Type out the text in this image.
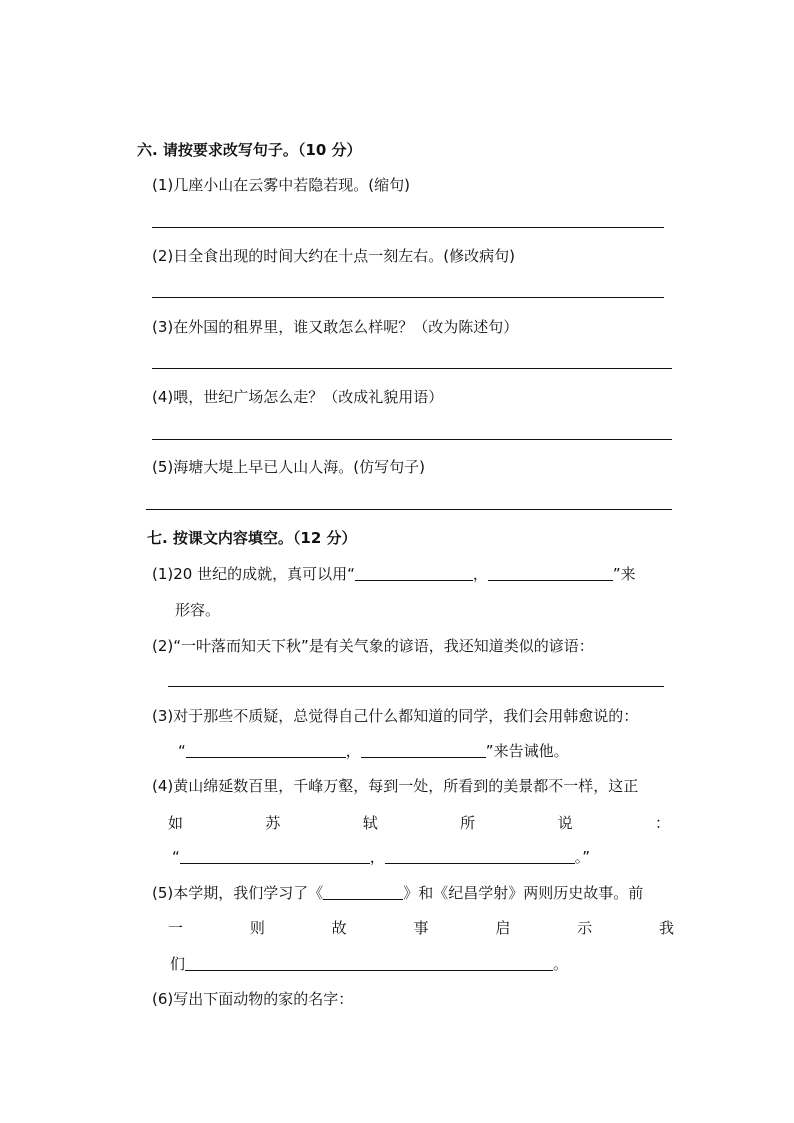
六. 请按要求改写句子。（10 分）
(1)几座小山在云雾中若隐若现。(缩句)
(2)日全食出现的时间大约在十点一刻左右。(修改病句)
(3)在外国的租界里，谁又敢怎么样呢？（改为陈述句）
(4)喂，世纪广场怎么走？（改成礼貌用语）
(5)海塘大堤上早已人山人海。(仿写句子)
七. 按课文内容填空。（12 分）
(1)20 世纪的成就，真可以用“	，	”来
形容。
(2)“一叶落而知天下秋”是有关气象的谚语，我还知道类似的谚语：
(3)对于那些不质疑，总觉得自己什么都知道的同学，我们会用韩愈说的：
“	，	”来告诫他。
(4)黄山绵延数百里，千峰万壑，每到一处，所看到的美景都不一样，这正
如	苏	轼	所	说	：
“	，	。”
(5)本学期，我们学习了《	》和《纪昌学射》两则历史故事。前
一	则	故	事	启	示	我
们	。
(6)写出下面动物的家的名字：
